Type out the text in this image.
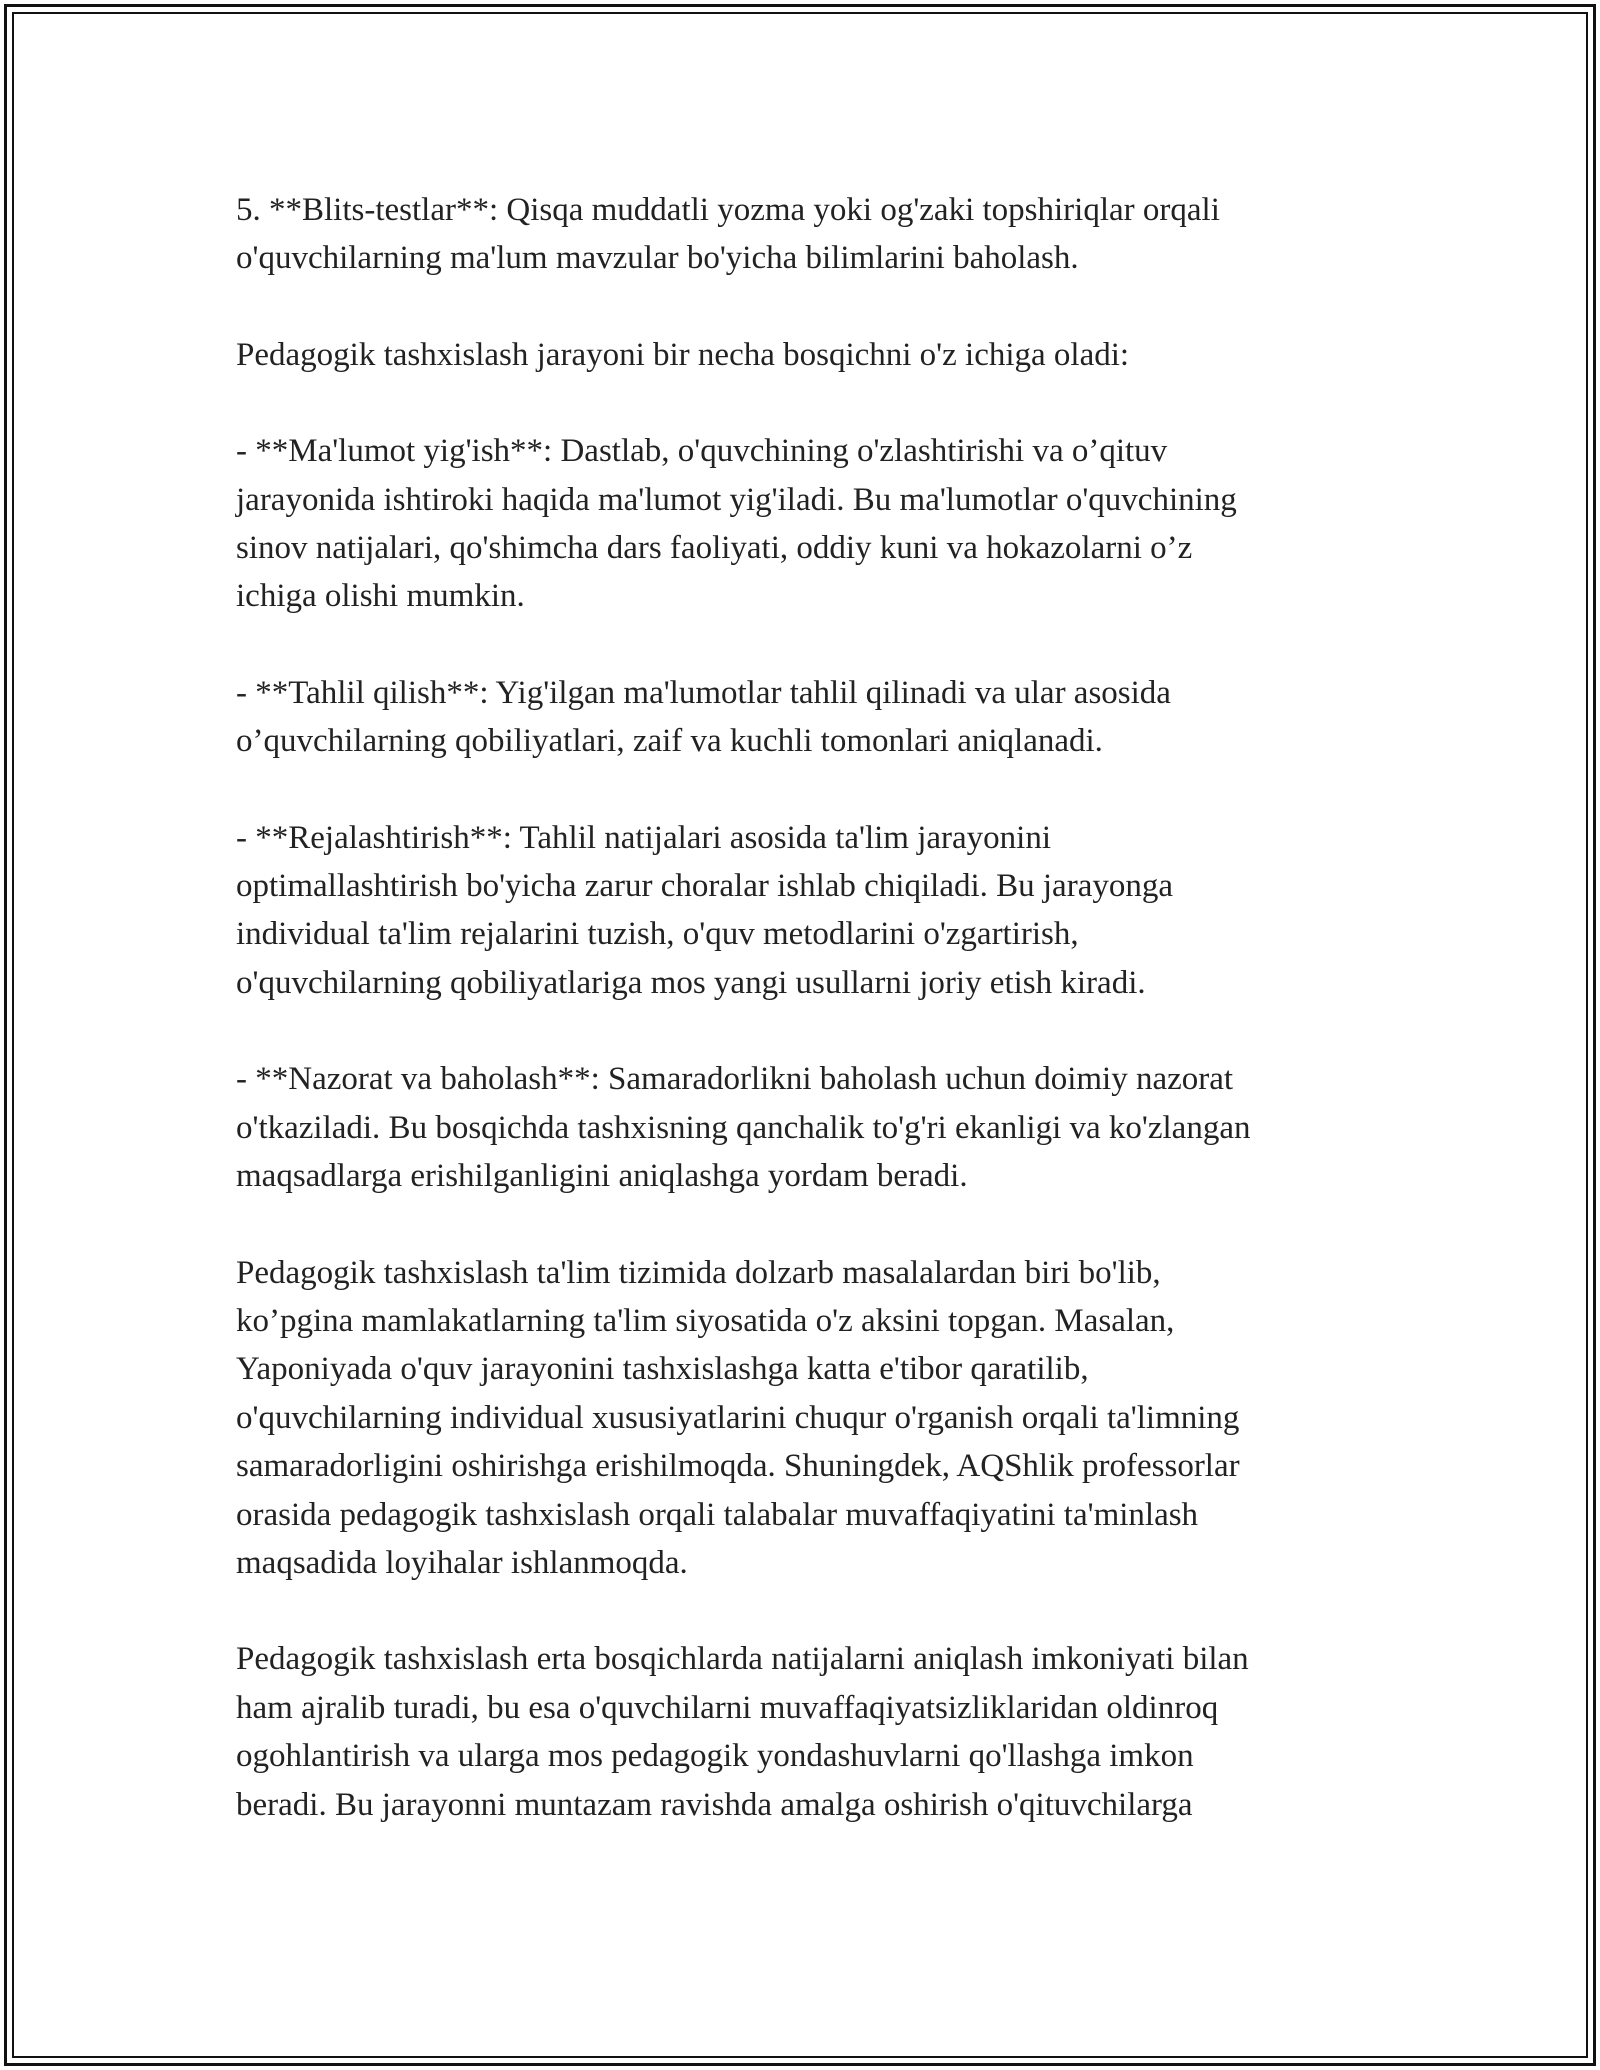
5. **Blits-testlar**: Qisqa muddatli yozma yoki og'zaki topshiriqlar orqali
o'quvchilarning ma'lum mavzular bo'yicha bilimlarini baholash.

Pedagogik tashxislash jarayoni bir necha bosqichni o'z ichiga oladi:

- **Ma'lumot yig'ish**: Dastlab, o'quvchining o'zlashtirishi va o’qituv
jarayonida ishtiroki haqida ma'lumot yig'iladi. Bu ma'lumotlar o'quvchining
sinov natijalari, qo'shimcha dars faoliyati, oddiy kuni va hokazolarni o’z
ichiga olishi mumkin.

- **Tahlil qilish**: Yig'ilgan ma'lumotlar tahlil qilinadi va ular asosida
o’quvchilarning qobiliyatlari, zaif va kuchli tomonlari aniqlanadi.

- **Rejalashtirish**: Tahlil natijalari asosida ta'lim jarayonini
optimallashtirish bo'yicha zarur choralar ishlab chiqiladi. Bu jarayonga
individual ta'lim rejalarini tuzish, o'quv metodlarini o'zgartirish,
o'quvchilarning qobiliyatlariga mos yangi usullarni joriy etish kiradi.

- **Nazorat va baholash**: Samaradorlikni baholash uchun doimiy nazorat
o'tkaziladi. Bu bosqichda tashxisning qanchalik to'g'ri ekanligi va ko'zlangan
maqsadlarga erishilganligini aniqlashga yordam beradi.

Pedagogik tashxislash ta'lim tizimida dolzarb masalalardan biri bo'lib,
ko’pgina mamlakatlarning ta'lim siyosatida o'z aksini topgan. Masalan,
Yaponiyada o'quv jarayonini tashxislashga katta e'tibor qaratilib,
o'quvchilarning individual xususiyatlarini chuqur o'rganish orqali ta'limning
samaradorligini oshirishga erishilmoqda. Shuningdek, AQShlik professorlar
orasida pedagogik tashxislash orqali talabalar muvaffaqiyatini ta'minlash
maqsadida loyihalar ishlanmoqda.

Pedagogik tashxislash erta bosqichlarda natijalarni aniqlash imkoniyati bilan
ham ajralib turadi, bu esa o'quvchilarni muvaffaqiyatsizliklaridan oldinroq
ogohlantirish va ularga mos pedagogik yondashuvlarni qo'llashga imkon
beradi. Bu jarayonni muntazam ravishda amalga oshirish o'qituvchilarga
